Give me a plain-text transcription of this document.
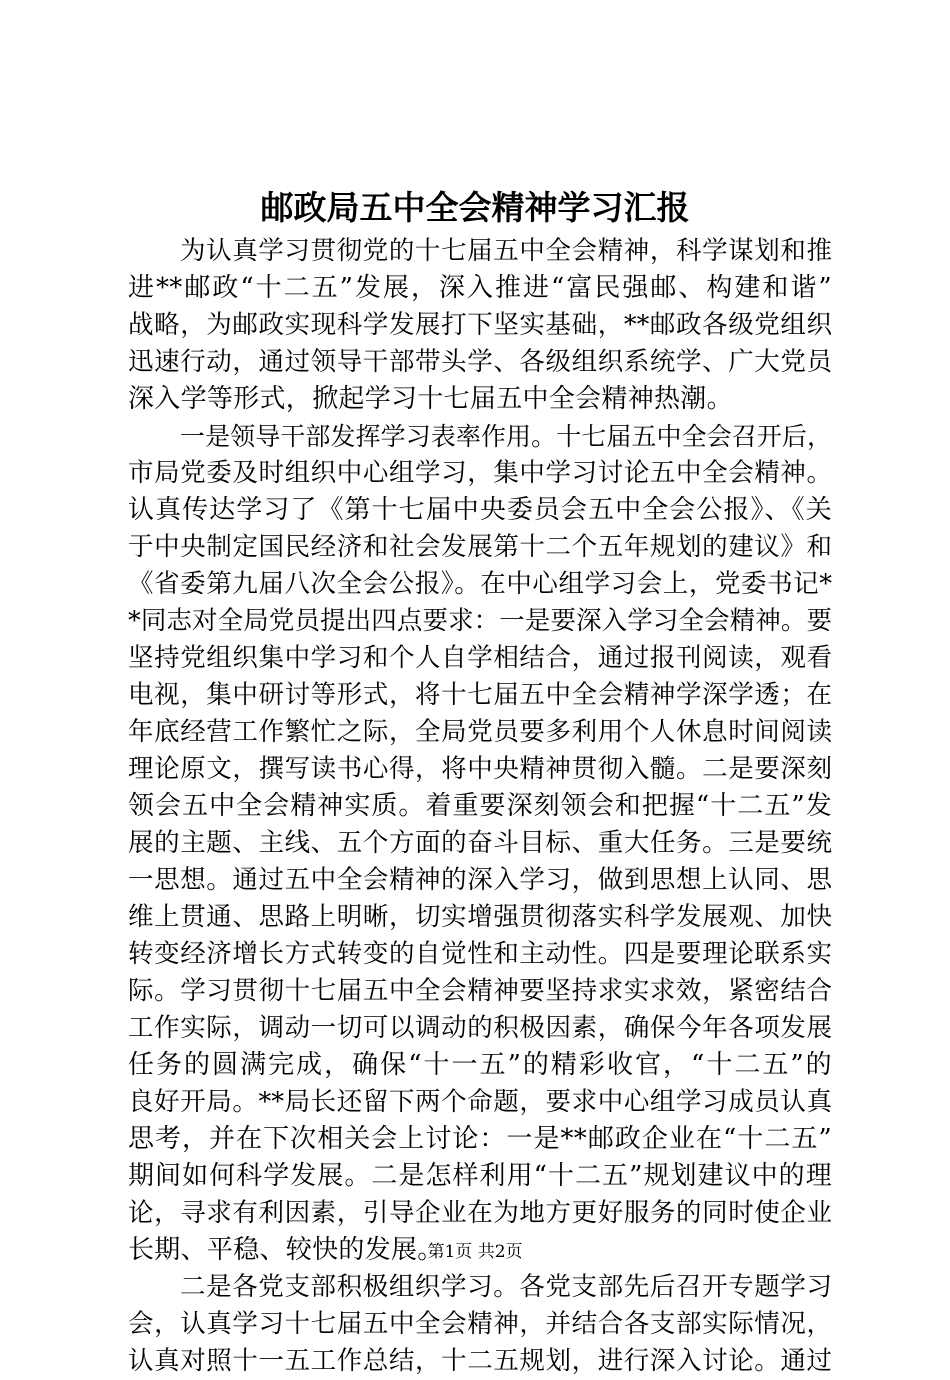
邮政局五中全会精神学习汇报
为认真学习贯彻党的十七届五中全会精神，科学谋划和推
进**邮政“十二五”发展，深入推进“富民强邮、构建和谐”
战略，为邮政实现科学发展打下坚实基础，**邮政各级党组织
迅速行动，通过领导干部带头学、各级组织系统学、广大党员
深入学等形式，掀起学习十七届五中全会精神热潮。
一是领导干部发挥学习表率作用。十七届五中全会召开后，
市局党委及时组织中心组学习，集中学习讨论五中全会精神。
认真传达学习了《第十七届中央委员会五中全会公报》、《关
于中央制定国民经济和社会发展第十二个五年规划的建议》和
《省委第九届八次全会公报》。在中心组学习会上，党委书记*
*同志对全局党员提出四点要求：一是要深入学习全会精神。要
坚持党组织集中学习和个人自学相结合，通过报刊阅读，观看
电视，集中研讨等形式，将十七届五中全会精神学深学透；在
年底经营工作繁忙之际，全局党员要多利用个人休息时间阅读
理论原文，撰写读书心得，将中央精神贯彻入髓。二是要深刻
领会五中全会精神实质。着重要深刻领会和把握“十二五”发
展的主题、主线、五个方面的奋斗目标、重大任务。三是要统
一思想。通过五中全会精神的深入学习，做到思想上认同、思
维上贯通、思路上明晰，切实增强贯彻落实科学发展观、加快
转变经济增长方式转变的自觉性和主动性。四是要理论联系实
际。学习贯彻十七届五中全会精神要坚持求实求效，紧密结合
工作实际，调动一切可以调动的积极因素，确保今年各项发展
任务的圆满完成，确保“十一五”的精彩收官，“十二五”的
良好开局。**局长还留下两个命题，要求中心组学习成员认真
思考，并在下次相关会上讨论：一是**邮政企业在“十二五”
期间如何科学发展。二是怎样利用“十二五”规划建议中的理
论，寻求有利因素，引导企业在为地方更好服务的同时使企业
长期、平稳、较快的发展。
二是各党支部积极组织学习。各党支部先后召开专题学习
会，认真学习十七届五中全会精神，并结合各支部实际情况，
认真对照十一五工作总结，十二五规划，进行深入讨论。通过
第1页 共2页
